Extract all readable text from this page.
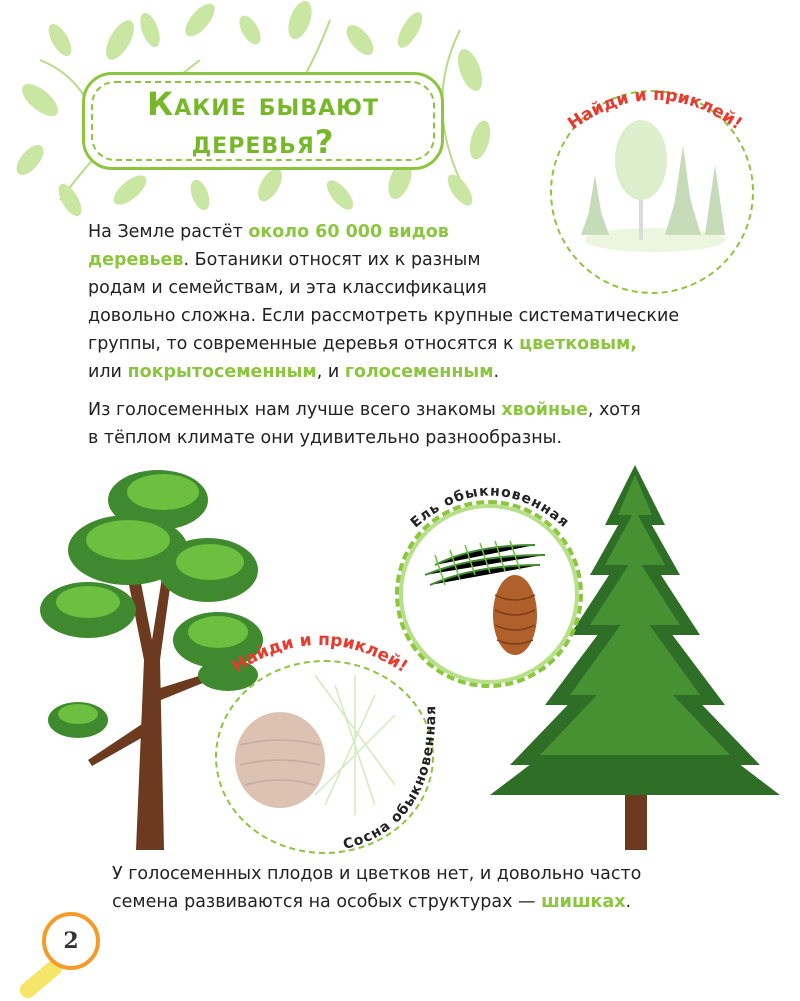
Какие бывают
деревья?
Найди и приклей!
На Земле растёт около 60 000 видов
деревьев. Ботаники относят их к разным
родам и семействам, и эта классификация
довольно сложна. Если рассмотреть крупные систематические
группы, то современные деревья относятся к цветковым,
или покрытосеменным, и голосеменным.
Из голосеменных нам лучше всего знакомы хвойные, хотя
в тёплом климате они удивительно разнообразны.
Ель обыкновенная
Найди и приклей!
Сосна обыкновенная
У голосеменных плодов и цветков нет, и довольно часто
семена развиваются на особых структурах — шишках.
2
